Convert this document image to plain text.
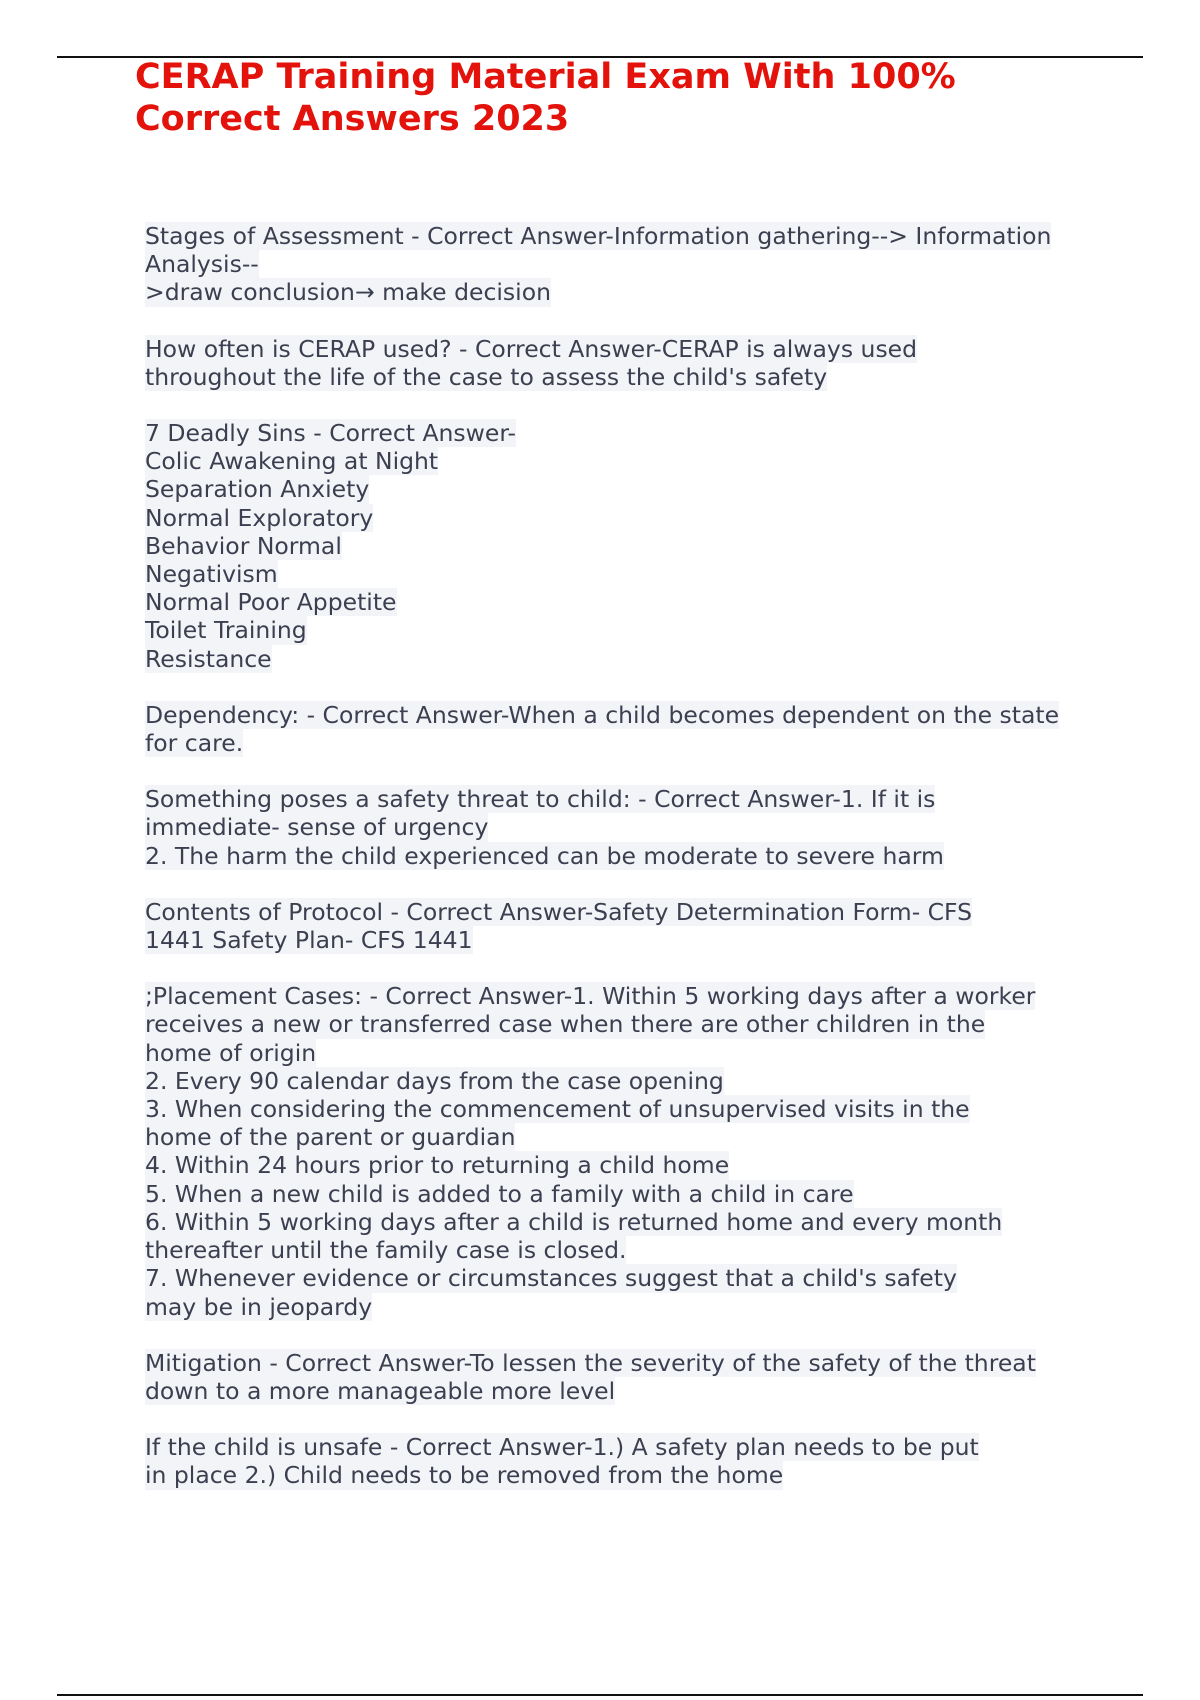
CERAP Training Material Exam With 100%
Correct Answers 2023
Stages of Assessment - Correct Answer-Information gathering--> Information
Analysis--
>draw conclusion→ make decision
How often is CERAP used? - Correct Answer-CERAP is always used
throughout the life of the case to assess the child's safety
7 Deadly Sins - Correct Answer-
Colic Awakening at Night
Separation Anxiety
Normal Exploratory
Behavior Normal
Negativism
Normal Poor Appetite
Toilet Training
Resistance
Dependency: - Correct Answer-When a child becomes dependent on the state
for care.
Something poses a safety threat to child: - Correct Answer-1. If it is
immediate- sense of urgency
2. The harm the child experienced can be moderate to severe harm
Contents of Protocol - Correct Answer-Safety Determination Form- CFS
1441 Safety Plan- CFS 1441
;Placement Cases: - Correct Answer-1. Within 5 working days after a worker
receives a new or transferred case when there are other children in the
home of origin
2. Every 90 calendar days from the case opening
3. When considering the commencement of unsupervised visits in the
home of the parent or guardian
4. Within 24 hours prior to returning a child home
5. When a new child is added to a family with a child in care
6. Within 5 working days after a child is returned home and every month
thereafter until the family case is closed.
7. Whenever evidence or circumstances suggest that a child's safety
may be in jeopardy
Mitigation - Correct Answer-To lessen the severity of the safety of the threat
down to a more manageable more level
If the child is unsafe - Correct Answer-1.) A safety plan needs to be put
in place 2.) Child needs to be removed from the home
